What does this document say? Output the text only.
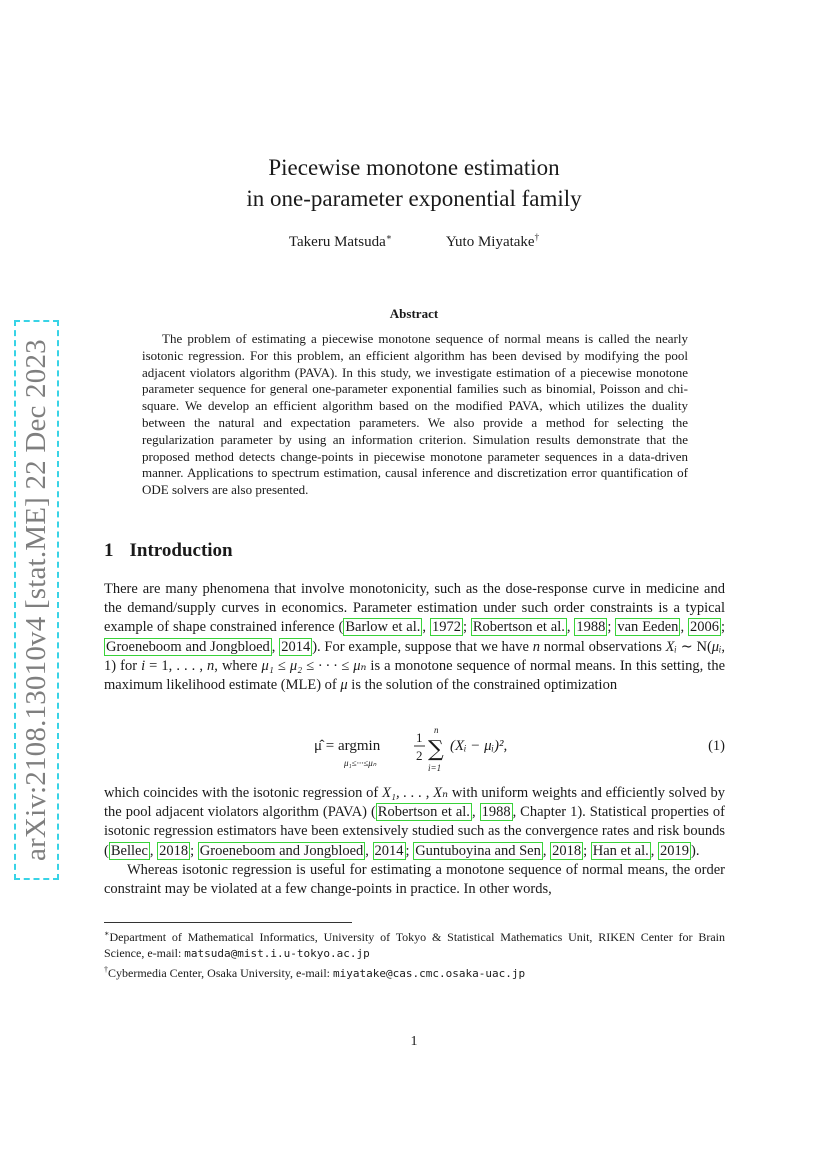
arXiv:2108.13010v4 [stat.ME] 22 Dec 2023
Piecewise monotone estimation
in one-parameter exponential family
Takeru Matsuda∗	Yuto Miyatake†
Abstract

The problem of estimating a piecewise monotone sequence of normal means is called the nearly isotonic regression. For this problem, an efficient algorithm has been devised by modifying the pool adjacent violators algorithm (PAVA). In this study, we investigate estimation of a piecewise monotone parameter sequence for general one-parameter exponential families such as binomial, Poisson and chi-square. We develop an efficient algorithm based on the modified PAVA, which utilizes the duality between the natural and expectation parameters. We also provide a method for selecting the regularization parameter by using an information criterion. Simulation results demonstrate that the proposed method detects change-points in piecewise monotone parameter sequences in a data-driven manner. Applications to spectrum estimation, causal inference and discretization error quantification of ODE solvers are also presented.

1 Introduction

There are many phenomena that involve monotonicity, such as the dose-response curve in medicine and the demand/supply curves in economics. Parameter estimation under such order constraints is a typical example of shape constrained inference ( Barlow et al. , 1972 ; Robertson et al. , 1988 ; van Eeden , 2006 ; Groeneboom and Jongbloed , 2014 ). For example, suppose that we have n normal observations Xᵢ ∼ N(μᵢ, 1) for i = 1, . . . , n, where μ₁ ≤ μ₂ ≤ · · · ≤ μₙ is a monotone sequence of normal means. In this setting, the maximum likelihood estimate (MLE) of μ is the solution of the constrained optimization

μ̂ = argmin
μ₁≤···≤μₙ
1
2
n
∑
i=1
(Xᵢ − μᵢ)²,	(1)

which coincides with the isotonic regression of X₁, . . . , Xₙ with uniform weights and efficiently solved by the pool adjacent violators algorithm (PAVA) ( Robertson et al. , 1988 , Chapter 1). Statistical properties of isotonic regression estimators have been extensively studied such as the convergence rates and risk bounds ( Bellec , 2018 ; Groeneboom and Jongbloed , 2014 ; Guntuboyina and Sen , 2018 ; Han et al. , 2019 ).

Whereas isotonic regression is useful for estimating a monotone sequence of normal means, the order constraint may be violated at a few change-points in practice. In other words,

∗Department of Mathematical Informatics, University of Tokyo & Statistical Mathematics Unit, RIKEN Center for Brain Science, e-mail: matsuda@mist.i.u-tokyo.ac.jp

†Cybermedia Center, Osaka University, e-mail: miyatake@cas.cmc.osaka-uac.jp

1
